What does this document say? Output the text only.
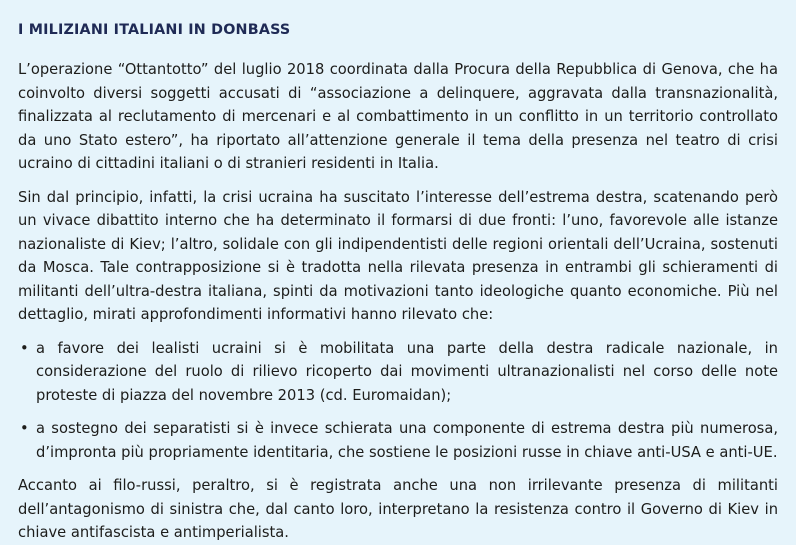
I MILIZIANI ITALIANI IN DONBASS

L’operazione “Ottantotto” del luglio 2018 coordinata dalla Procura della Repubblica di Genova, che ha coinvolto diversi soggetti accusati di “associazione a delinquere, aggravata dalla transnazionalità, finalizzata al reclutamento di mercenari e al combattimento in un conflitto in un territorio controllato da uno Stato estero”, ha riportato all’attenzione generale il tema della presenza nel teatro di crisi ucraino di cittadini italiani o di stranieri residenti in Italia.

Sin dal principio, infatti, la crisi ucraina ha suscitato l’interesse dell’estrema destra, scatenando però un vivace dibattito interno che ha determinato il formarsi di due fronti: l’uno, favorevole alle istanze nazionaliste di Kiev; l’altro, solidale con gli indipendentisti delle regioni orientali dell’Ucraina, sostenuti da Mosca. Tale contrapposizione si è tradotta nella rilevata presenza in entrambi gli schieramenti di militanti dell’ultra-destra italiana, spinti da motivazioni tanto ideologiche quanto economiche. Più nel dettaglio, mirati approfondimenti informativi hanno rilevato che:

• a favore dei lealisti ucraini si è mobilitata una parte della destra radicale nazionale, in considerazione del ruolo di rilievo ricoperto dai movimenti ultranazionalisti nel corso delle note proteste di piazza del novembre 2013 (cd. Euromaidan);
• a sostegno dei separatisti si è invece schierata una componente di estrema destra più numerosa, d’impronta più propriamente identitaria, che sostiene le posizioni russe in chiave anti-USA e anti-UE.

Accanto ai filo-russi, peraltro, si è registrata anche una non irrilevante presenza di militanti dell’antagonismo di sinistra che, dal canto loro, interpretano la resistenza contro il Governo di Kiev in chiave antifascista e antimperialista.
